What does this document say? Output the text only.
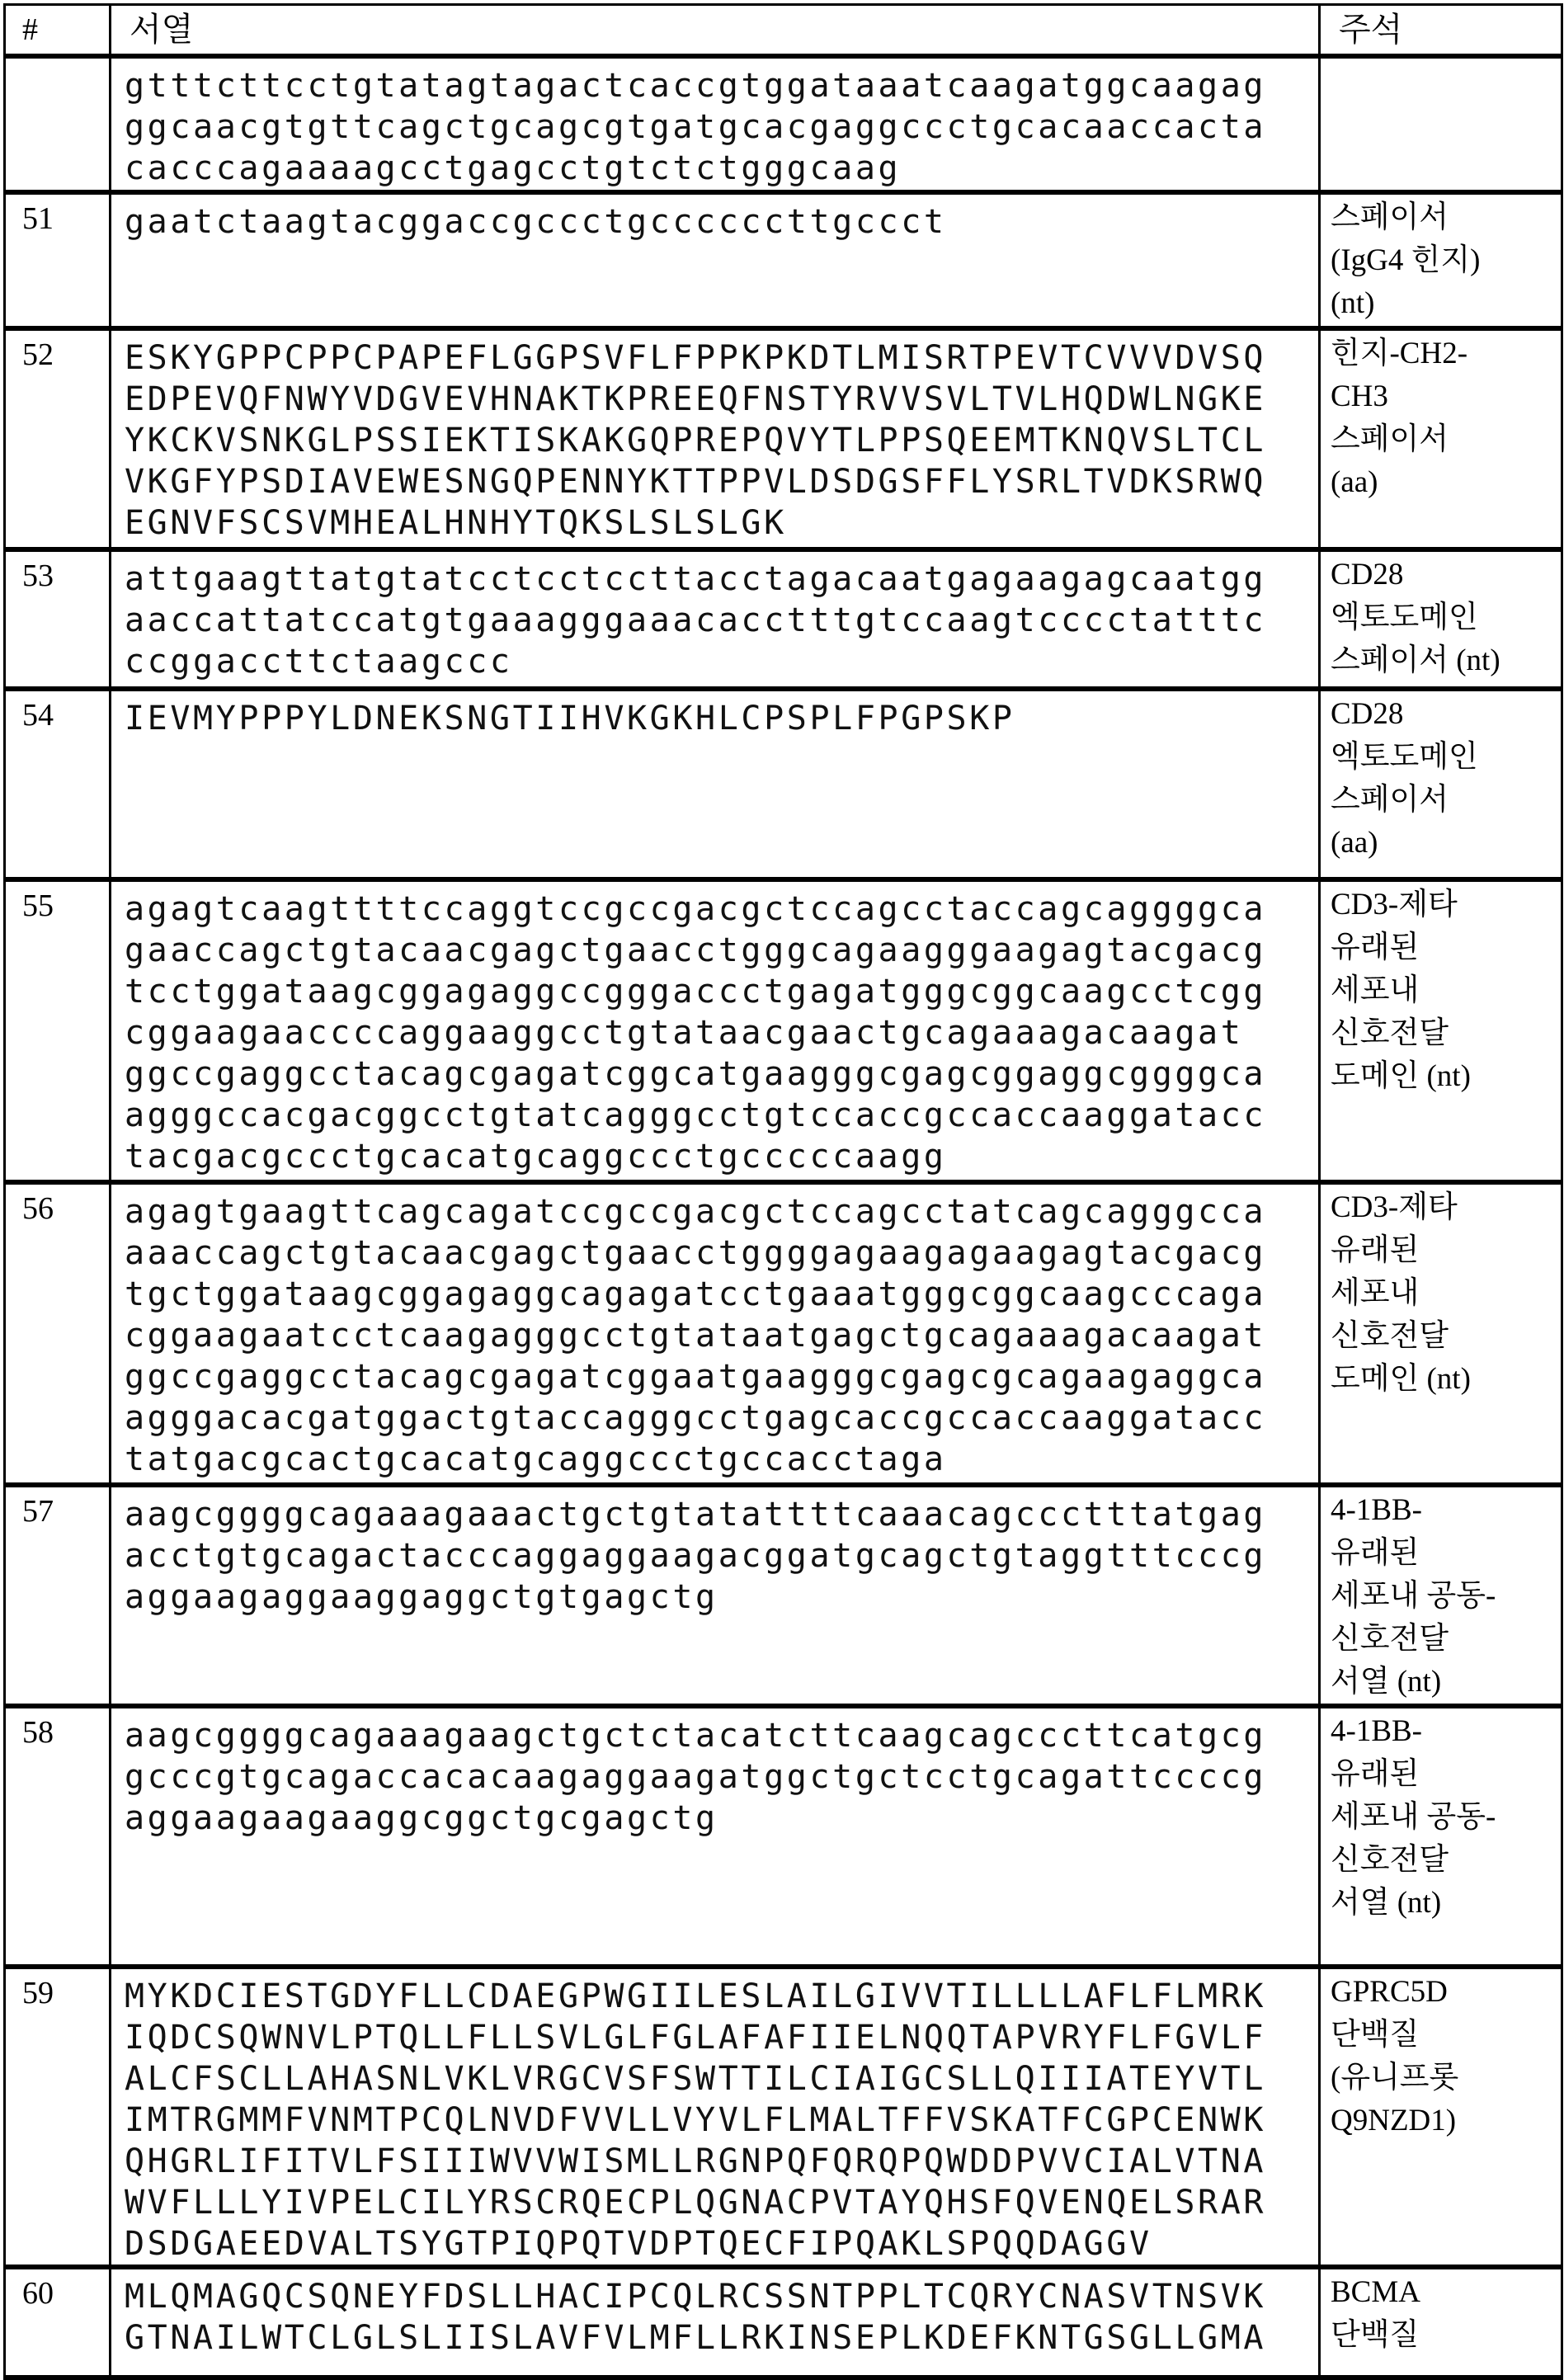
#	서열	주석
	gtttcttcctgtatagtagactcaccgtggataaatcaagatggcaagag
ggcaacgtgttcagctgcagcgtgatgcacgaggccctgcacaaccacta
cacccagaaaagcctgagcctgtctctgggcaag	
51	gaatctaagtacggaccgccctgccccccttgccct	스페이서
(IgG4 힌지)
(nt)
52	ESKYGPPCPPCPAPEFLGGPSVFLFPPKPKDTLMISRTPEVTCVVVDVSQ
EDPEVQFNWYVDGVEVHNAKTKPREEQFNSTYRVVSVLTVLHQDWLNGKE
YKCKVSNKGLPSSIEKTISKAKGQPREPQVYTLPPSQEEMTKNQVSLTCL
VKGFYPSDIAVEWESNGQPENNYKTTPPVLDSDGSFFLYSRLTVDKSRWQ
EGNVFSCSVMHEALHNHYTQKSLSLSLGK	힌지-CH2-
CH3
스페이서
(aa)
53	attgaagttatgtatcctcctccttacctagacaatgagaagagcaatgg
aaccattatccatgtgaaagggaaacacctttgtccaagtcccctatttc
ccggaccttctaagccc	CD28
엑토도메인
스페이서 (nt)
54	IEVMYPPPYLDNEKSNGTIIHVKGKHLCPSPLFPGPSKP	CD28
엑토도메인
스페이서
(aa)
55	agagtcaagttttccaggtccgccgacgctccagcctaccagcaggggca
gaaccagctgtacaacgagctgaacctgggcagaagggaagagtacgacg
tcctggataagcggagaggccgggaccctgagatgggcggcaagcctcgg
cggaagaaccccaggaaggcctgtataacgaactgcagaaagacaagat
ggccgaggcctacagcgagatcggcatgaagggcgagcggaggcggggca
agggccacgacggcctgtatcagggcctgtccaccgccaccaaggatacc
tacgacgccctgcacatgcaggccctgcccccaagg	CD3-제타
유래된
세포내
신호전달
도메인 (nt)
56	agagtgaagttcagcagatccgccgacgctccagcctatcagcagggcca
aaaccagctgtacaacgagctgaacctggggagaagagaagagtacgacg
tgctggataagcggagaggcagagatcctgaaatgggcggcaagcccaga
cggaagaatcctcaagagggcctgtataatgagctgcagaaagacaagat
ggccgaggcctacagcgagatcggaatgaagggcgagcgcagaagaggca
agggacacgatggactgtaccagggcctgagcaccgccaccaaggatacc
tatgacgcactgcacatgcaggccctgccacctaga	CD3-제타
유래된
세포내
신호전달
도메인 (nt)
57	aagcggggcagaaagaaactgctgtatattttcaaacagccctttatgag
acctgtgcagactacccaggaggaagacggatgcagctgtaggtttcccg
aggaagaggaaggaggctgtgagctg	4-1BB-
유래된
세포내 공동-
신호전달
서열 (nt)
58	aagcggggcagaaagaagctgctctacatcttcaagcagcccttcatgcg
gcccgtgcagaccacacaagaggaagatggctgctcctgcagattccccg
aggaagaagaaggcggctgcgagctg	4-1BB-
유래된
세포내 공동-
신호전달
서열 (nt)
59	MYKDCIESTGDYFLLCDAEGPWGIILESLAILGIVVTILLLLAFLFLMRK
IQDCSQWNVLPTQLLFLLSVLGLFGLAFAFIIELNQQTAPVRYFLFGVLF
ALCFSCLLAHASNLVKLVRGCVSFSWTTILCIAIGCSLLQIIIATEYVTL
IMTRGMMFVNMTPCQLNVDFVVLLVYVLFLMALTFFVSKATFCGPCENWK
QHGRLIFITVLFSIIIWVVWISMLLRGNPQFQRQPQWDDPVVCIALVTNA
WVFLLLYIVPELCILYRSCRQECPLQGNACPVTAYQHSFQVENQELSRAR
DSDGAEEDVALTSYGTPIQPQTVDPTQECFIPQAKLSPQQDAGGV	GPRC5D
단백질
(유니프롯
Q9NZD1)
60	MLQMAGQCSQNEYFDSLLHACIPCQLRCSSNTPPLTCQRYCNASVTNSVK
GTNAILWTCLGLSLIISLAVFVLMFLLRKINSEPLKDEFKNTGSGLLGMA	BCMA
단백질
